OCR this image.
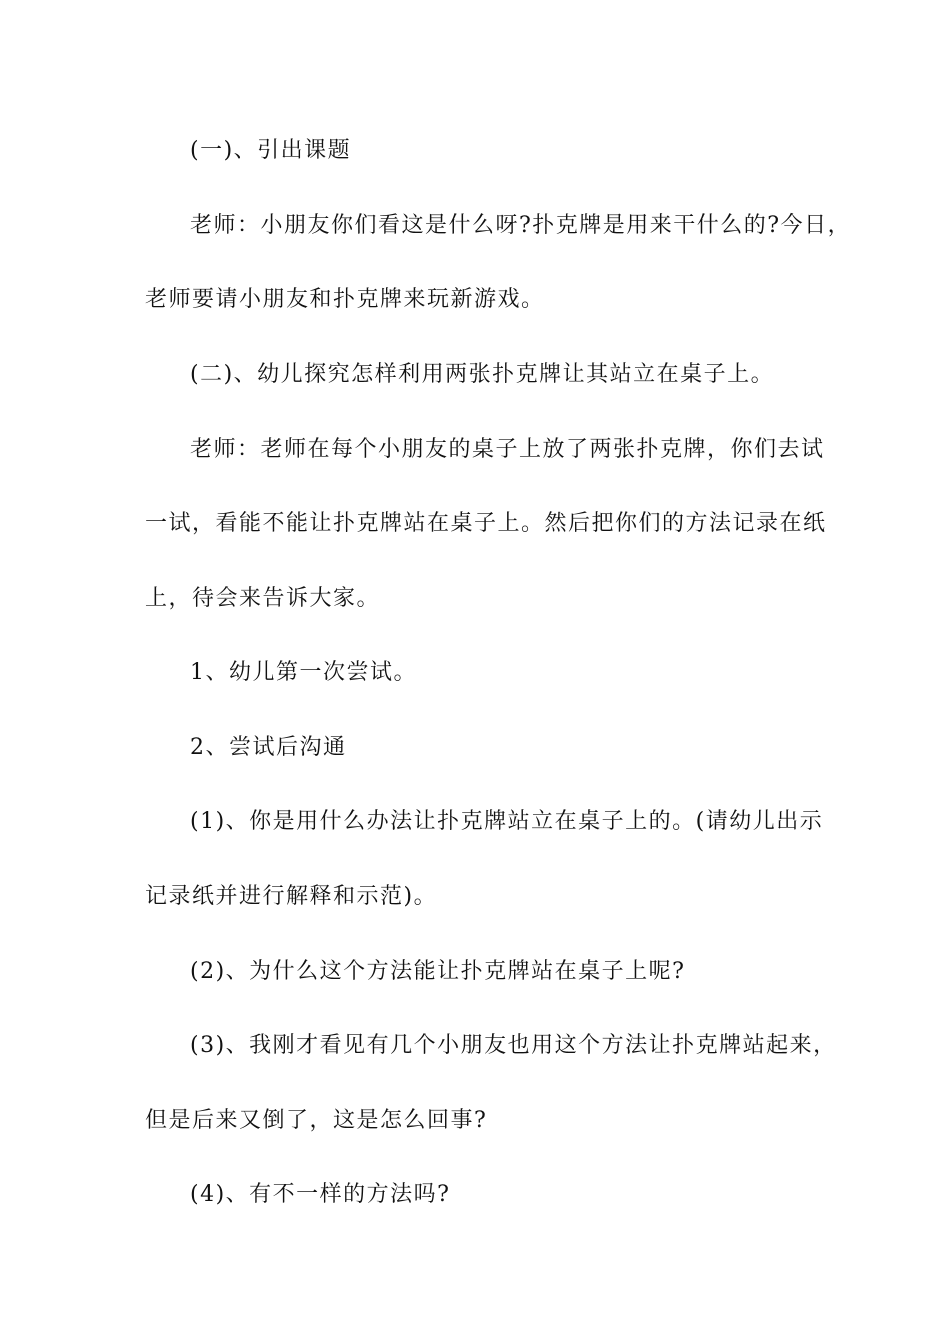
(一)、引出课题
老师：小朋友你们看这是什么呀?扑克牌是用来干什么的?今日，
老师要请小朋友和扑克牌来玩新游戏。
(二)、幼儿探究怎样利用两张扑克牌让其站立在桌子上。
老师：老师在每个小朋友的桌子上放了两张扑克牌，你们去试
一试，看能不能让扑克牌站在桌子上。然后把你们的方法记录在纸
上，待会来告诉大家。
1、幼儿第一次尝试。
2、尝试后沟通
(1)、你是用什么办法让扑克牌站立在桌子上的。(请幼儿出示
记录纸并进行解释和示范)。
(2)、为什么这个方法能让扑克牌站在桌子上呢?
(3)、我刚才看见有几个小朋友也用这个方法让扑克牌站起来，
但是后来又倒了，这是怎么回事?
(4)、有不一样的方法吗?
